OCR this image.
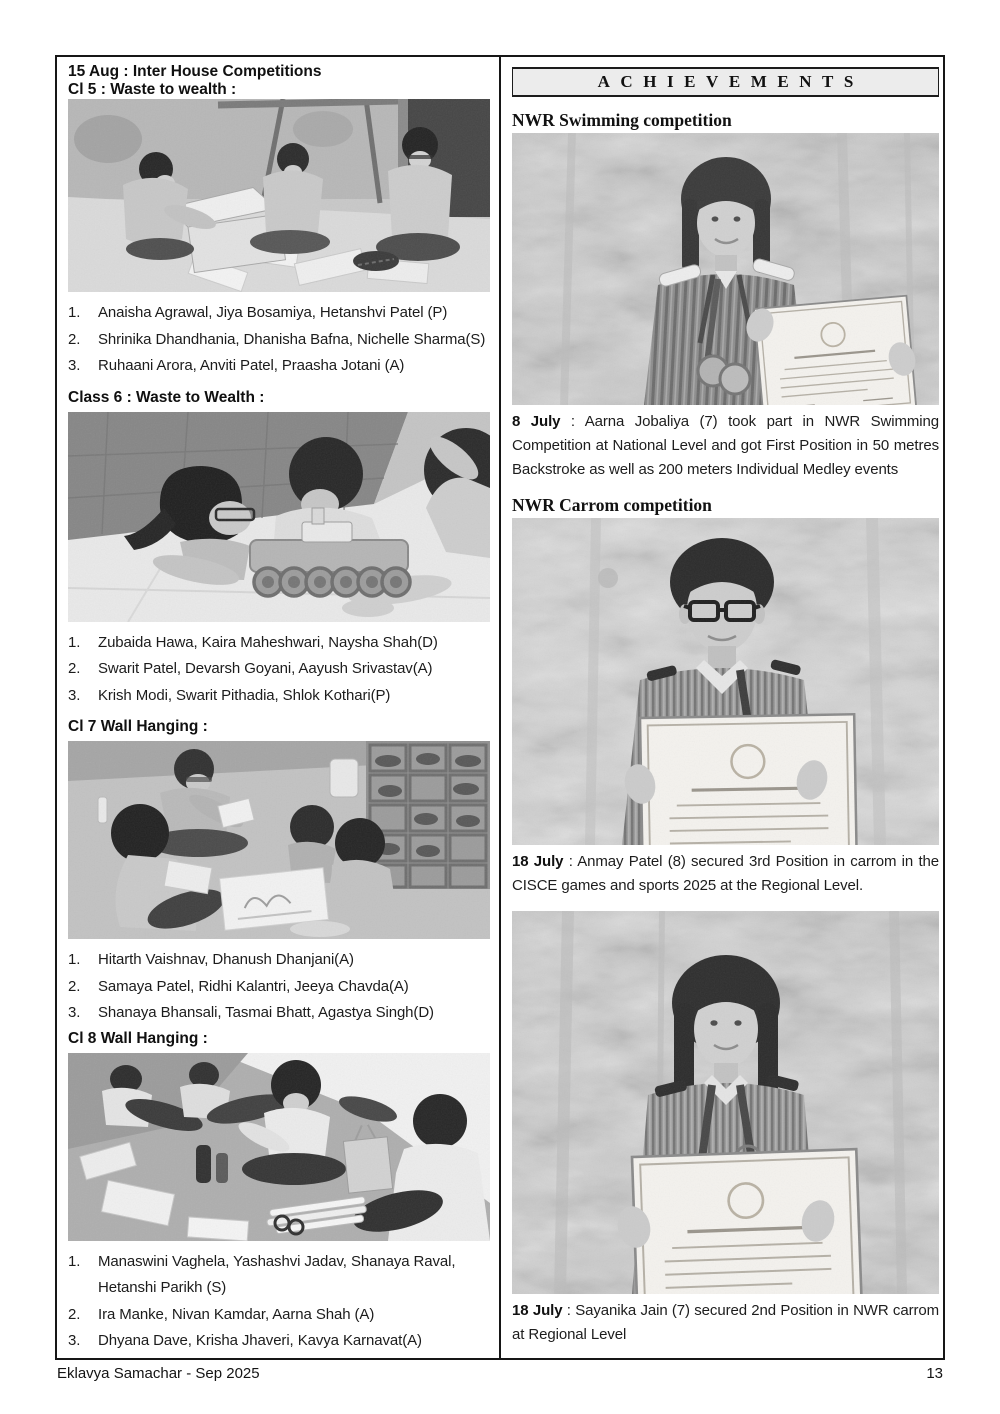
15 Aug : Inter House Competitions
Cl 5 : Waste to wealth :
1.	Anaisha Agrawal, Jiya Bosamiya, Hetanshvi Patel (P)
2.	Shrinika Dhandhania, Dhanisha Bafna, Nichelle Sharma(S)
3.	Ruhaani Arora, Anviti Patel, Praasha Jotani (A)
Class 6 : Waste to Wealth :
1.	Zubaida Hawa, Kaira Maheshwari, Naysha Shah(D)
2.	Swarit Patel, Devarsh Goyani, Aayush Srivastav(A)
3.	Krish Modi, Swarit Pithadia, Shlok Kothari(P)
Cl 7 Wall Hanging :
1.	Hitarth Vaishnav, Dhanush Dhanjani(A)
2.	Samaya Patel, Ridhi Kalantri, Jeeya Chavda(A)
3.	Shanaya Bhansali, Tasmai Bhatt, Agastya Singh(D)
Cl 8 Wall Hanging :
1.	Manaswini Vaghela, Yashashvi Jadav, Shanaya Raval, Hetanshi Parikh (S)
2.	Ira Manke, Nivan Kamdar, Aarna Shah (A)
3.	Dhyana Dave, Krisha Jhaveri, Kavya Karnavat(A)
ACHIEVEMENTS
NWR Swimming competition

8 July : Aarna Jobaliya (7) took part in NWR Swimming Competition at National Level and got First Position in 50 metres Backstroke as well as 200 meters Individual Medley events

NWR Carrom competition

18 July : Anmay Patel (8) secured 3rd Position in carrom in the CISCE games and sports 2025 at the Regional Level.

18 July : Sayanika Jain (7) secured 2nd Position in NWR carrom at Regional Level

Eklavya Samachar - Sep 2025	13
